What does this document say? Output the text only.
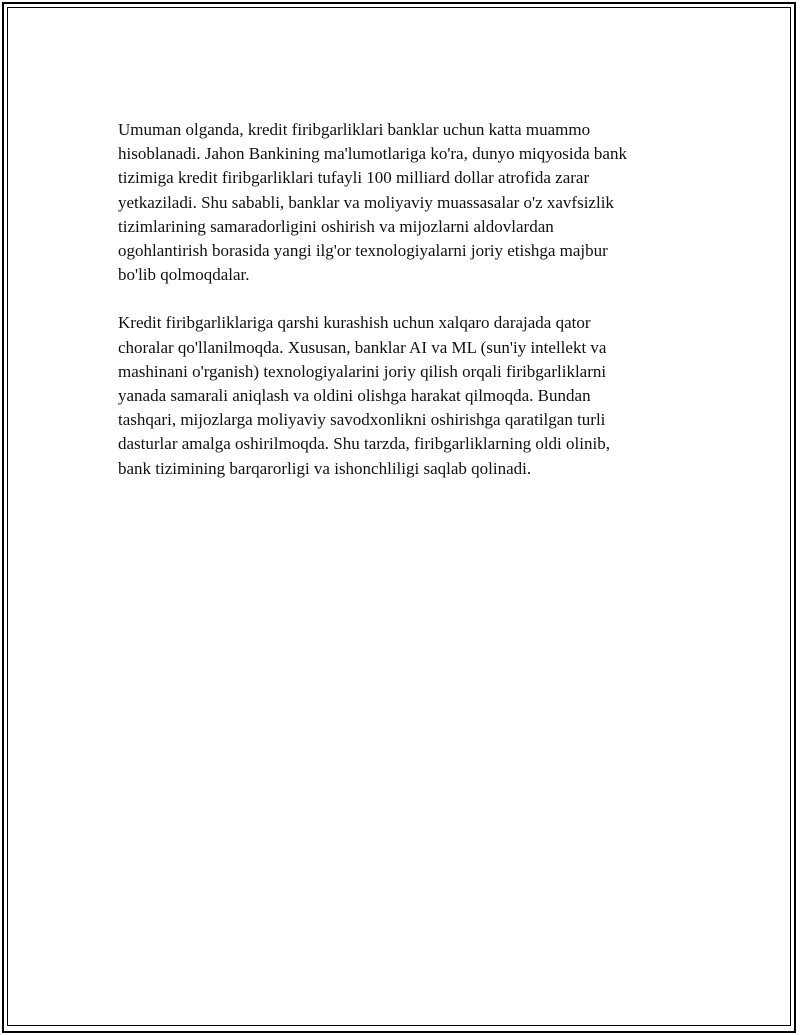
Umuman olganda, kredit firibgarliklari banklar uchun katta muammo
hisoblanadi. Jahon Bankining ma'lumotlariga ko'ra, dunyo miqyosida bank
tizimiga kredit firibgarliklari tufayli 100 milliard dollar atrofida zarar
yetkaziladi. Shu sababli, banklar va moliyaviy muassasalar o'z xavfsizlik
tizimlarining samaradorligini oshirish va mijozlarni aldovlardan
ogohlantirish borasida yangi ilg'or texnologiyalarni joriy etishga majbur
bo'lib qolmoqdalar.

Kredit firibgarliklariga qarshi kurashish uchun xalqaro darajada qator
choralar qo'llanilmoqda. Xususan, banklar AI va ML (sun'iy intellekt va
mashinani o'rganish) texnologiyalarini joriy qilish orqali firibgarliklarni
yanada samarali aniqlash va oldini olishga harakat qilmoqda. Bundan
tashqari, mijozlarga moliyaviy savodxonlikni oshirishga qaratilgan turli
dasturlar amalga oshirilmoqda. Shu tarzda, firibgarliklarning oldi olinib,
bank tizimining barqarorligi va ishonchliligi saqlab qolinadi.
